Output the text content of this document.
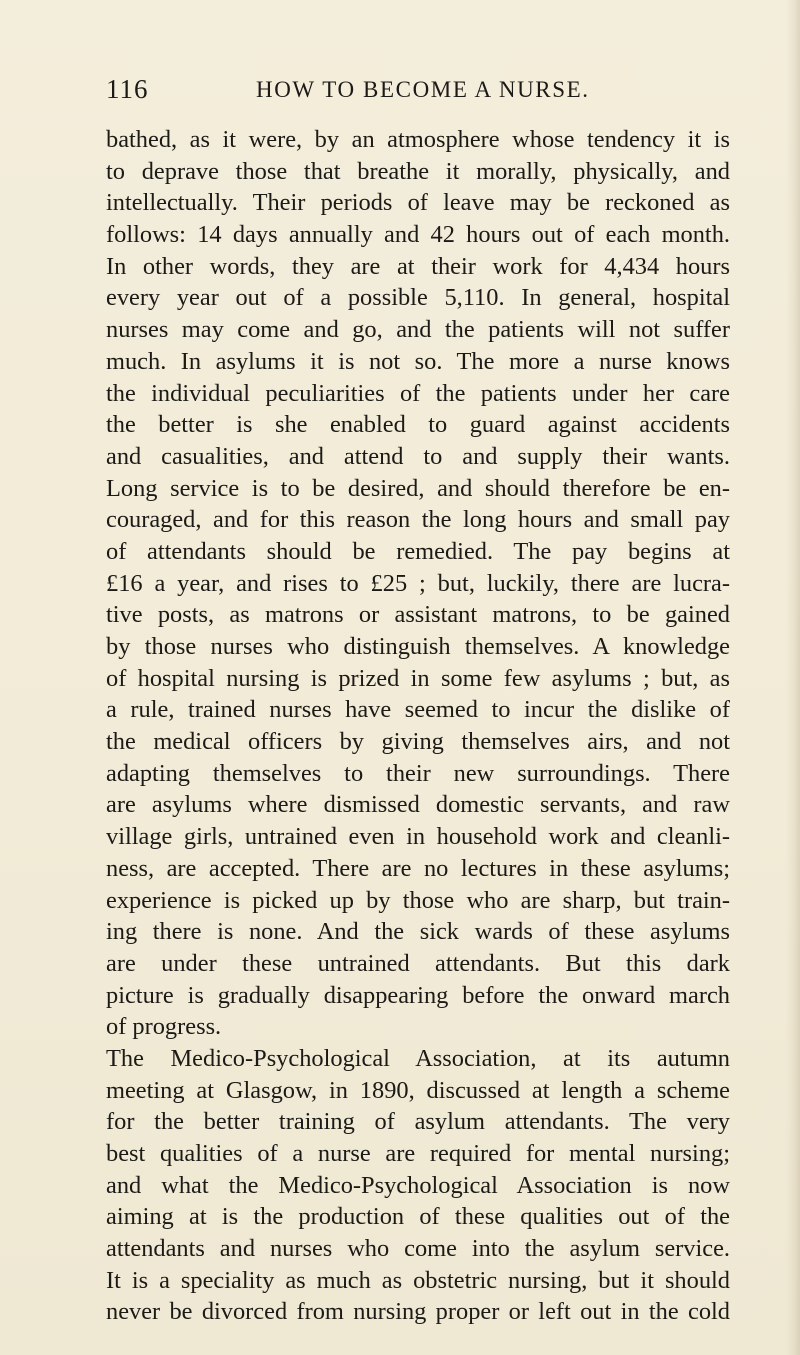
116	HOW TO BECOME A NURSE.
bathed, as it were, by an atmosphere whose tendency it is
to deprave those that breathe it morally, physically, and
intellectually. Their periods of leave may be reckoned as
follows: 14 days annually and 42 hours out of each month.
In other words, they are at their work for 4,434 hours
every year out of a possible 5,110. In general, hospital
nurses may come and go, and the patients will not suffer
much. In asylums it is not so. The more a nurse knows
the individual peculiarities of the patients under her care
the better is she enabled to guard against accidents
and casualities, and attend to and supply their wants.
Long service is to be desired, and should therefore be en-
couraged, and for this reason the long hours and small pay
of attendants should be remedied. The pay begins at
£16 a year, and rises to £25 ; but, luckily, there are lucra-
tive posts, as matrons or assistant matrons, to be gained
by those nurses who distinguish themselves. A knowledge
of hospital nursing is prized in some few asylums ; but, as
a rule, trained nurses have seemed to incur the dislike of
the medical officers by giving themselves airs, and not
adapting themselves to their new surroundings. There
are asylums where dismissed domestic servants, and raw
village girls, untrained even in household work and cleanli-
ness, are accepted. There are no lectures in these asylums;
experience is picked up by those who are sharp, but train-
ing there is none. And the sick wards of these asylums
are under these untrained attendants. But this dark
picture is gradually disappearing before the onward march
of progress.
The Medico-Psychological Association, at its autumn
meeting at Glasgow, in 1890, discussed at length a scheme
for the better training of asylum attendants. The very
best qualities of a nurse are required for mental nursing;
and what the Medico-Psychological Association is now
aiming at is the production of these qualities out of the
attendants and nurses who come into the asylum service.
It is a speciality as much as obstetric nursing, but it should
never be divorced from nursing proper or left out in the cold
